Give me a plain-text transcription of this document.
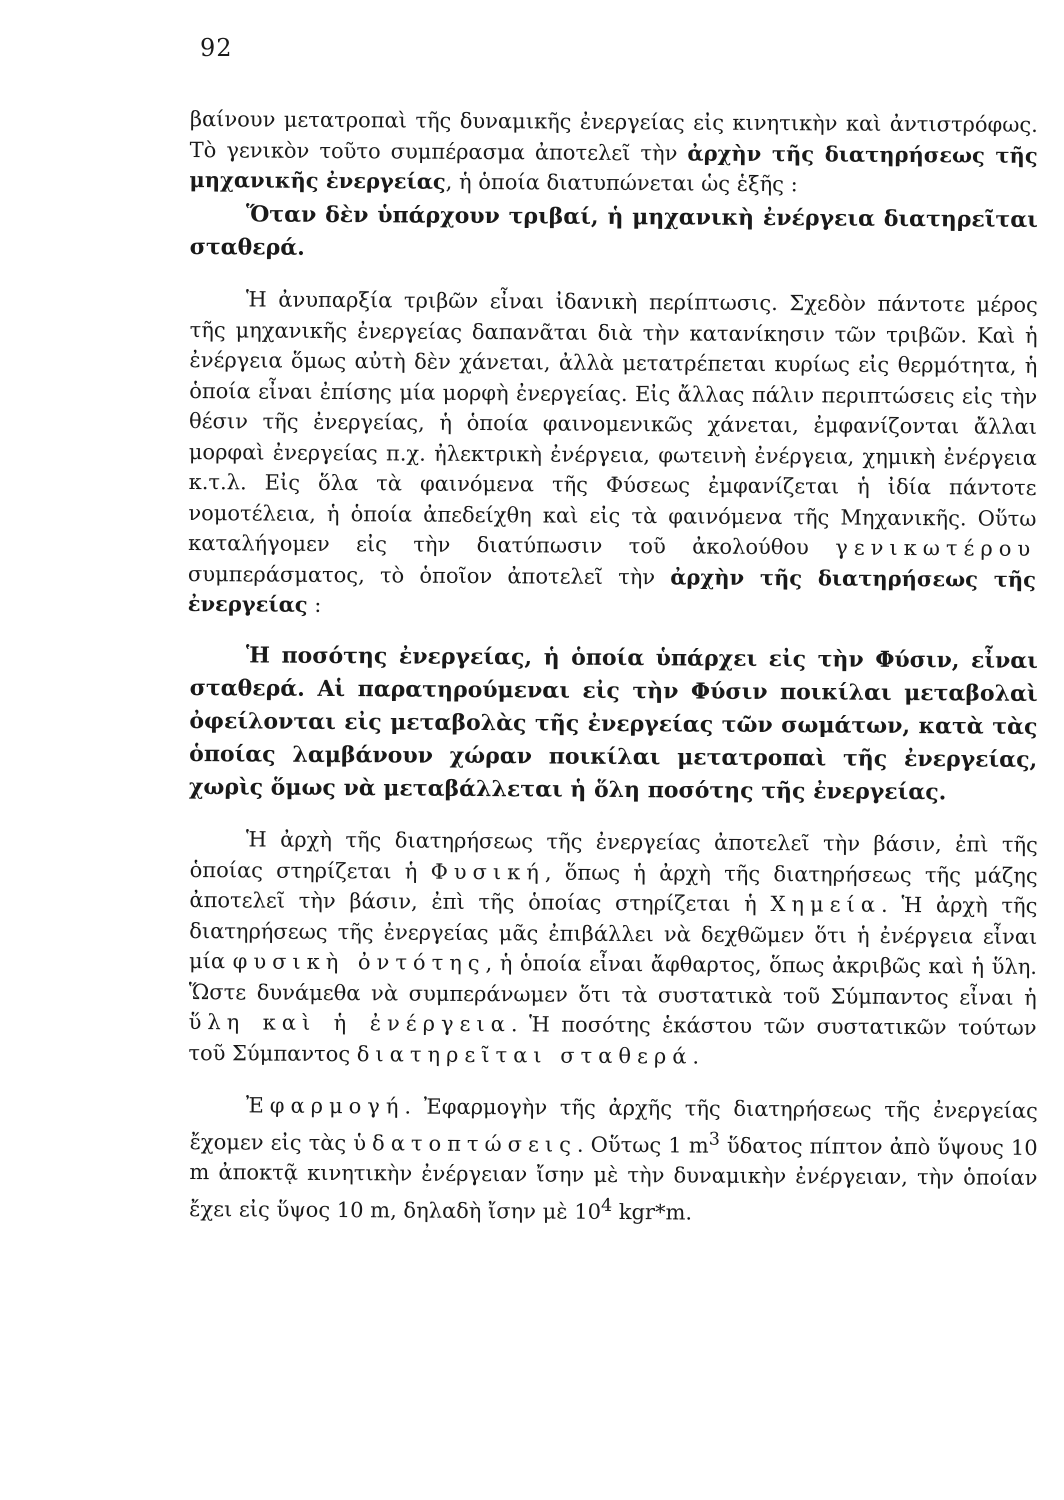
92

βαίνουν μετατροπαὶ τῆς δυναμικῆς ἐνεργείας εἰς κινητικὴν καὶ ἀντιστρόφως. Τὸ γενικὸν τοῦτο συμπέρασμα ἀποτελεῖ τὴν ἀρχὴν τῆς διατηρήσεως τῆς μηχανικῆς ἐνεργείας, ἡ ὁποία διατυπώνεται ὡς ἑξῆς :

Ὅταν δὲν ὑπάρχουν τριβαί, ἡ μηχανικὴ ἐνέργεια διατηρεῖται σταθερά.

Ἡ ἀνυπαρξία τριβῶν εἶναι ἰδανικὴ περίπτωσις. Σχεδὸν πάντοτε μέρος τῆς μηχανικῆς ἐνεργείας δαπανᾶται διὰ τὴν κατανίκησιν τῶν τριβῶν. Καὶ ἡ ἐνέργεια ὅμως αὐτὴ δὲν χάνεται, ἀλλὰ μετατρέπεται κυρίως εἰς θερμότητα, ἡ ὁποία εἶναι ἐπίσης μία μορφὴ ἐνεργείας. Εἰς ἄλλας πάλιν περιπτώσεις εἰς τὴν θέσιν τῆς ἐνεργείας, ἡ ὁποία φαινομενικῶς χάνεται, ἐμφανίζονται ἄλλαι μορφαὶ ἐνεργείας π.χ. ἠλεκτρικὴ ἐνέργεια, φωτεινὴ ἐνέργεια, χημικὴ ἐνέργεια κ.τ.λ. Εἰς ὅλα τὰ φαινόμενα τῆς Φύσεως ἐμφανίζεται ἡ ἰδία πάντοτε νομοτέλεια, ἡ ὁποία ἀπεδείχθη καὶ εἰς τὰ φαινόμενα τῆς Μηχανικῆς. Οὕτω καταλήγομεν εἰς τὴν διατύπωσιν τοῦ ἀκολούθου γενικωτέρου συμπεράσματος, τὸ ὁποῖον ἀποτελεῖ τὴν ἀρχὴν τῆς διατηρήσεως τῆς ἐνεργείας :

Ἡ ποσότης ἐνεργείας, ἡ ὁποία ὑπάρχει εἰς τὴν Φύσιν, εἶναι σταθερά. Αἱ παρατηρούμεναι εἰς τὴν Φύσιν ποικίλαι μεταβολαὶ ὀφείλονται εἰς μεταβολὰς τῆς ἐνεργείας τῶν σωμάτων, κατὰ τὰς ὁποίας λαμβάνουν χώραν ποικίλαι μετατροπαὶ τῆς ἐνεργείας, χωρὶς ὅμως νὰ μεταβάλλεται ἡ ὅλη ποσότης τῆς ἐνεργείας.

Ἡ ἀρχὴ τῆς διατηρήσεως τῆς ἐνεργείας ἀποτελεῖ τὴν βάσιν, ἐπὶ τῆς ὁποίας στηρίζεται ἡ Φυσική, ὅπως ἡ ἀρχὴ τῆς διατηρήσεως τῆς μάζης ἀποτελεῖ τὴν βάσιν, ἐπὶ τῆς ὁποίας στηρίζεται ἡ Χημεία. Ἡ ἀρχὴ τῆς διατηρήσεως τῆς ἐνεργείας μᾶς ἐπιβάλλει νὰ δεχθῶμεν ὅτι ἡ ἐνέργεια εἶναι μία φυσικὴ ὀντότης, ἡ ὁποία εἶναι ἄφθαρτος, ὅπως ἀκριβῶς καὶ ἡ ὕλη. Ὥστε δυνάμεθα νὰ συμπεράνωμεν ὅτι τὰ συστατικὰ τοῦ Σύμπαντος εἶναι ἡ ὕλη καὶ ἡ ἐνέργεια. Ἡ ποσότης ἑκάστου τῶν συστατικῶν τούτων τοῦ Σύμπαντος διατηρεῖται σταθερά.

Ἐφαρμογή. Ἐφαρμογὴν τῆς ἀρχῆς τῆς διατηρήσεως τῆς ἐνεργείας ἔχομεν εἰς τὰς ὑδατοπτώσεις. Οὕτως 1 $m^3$ ὕδατος πίπτον ἀπὸ ὕψους 10 m ἀποκτᾷ κινητικὴν ἐνέργειαν ἴσην μὲ τὴν δυναμικὴν ἐνέργειαν, τὴν ὁποίαν ἔχει εἰς ὕψος 10 m, δηλαδὴ ἴσην μὲ $10^4$ kgr*m.
